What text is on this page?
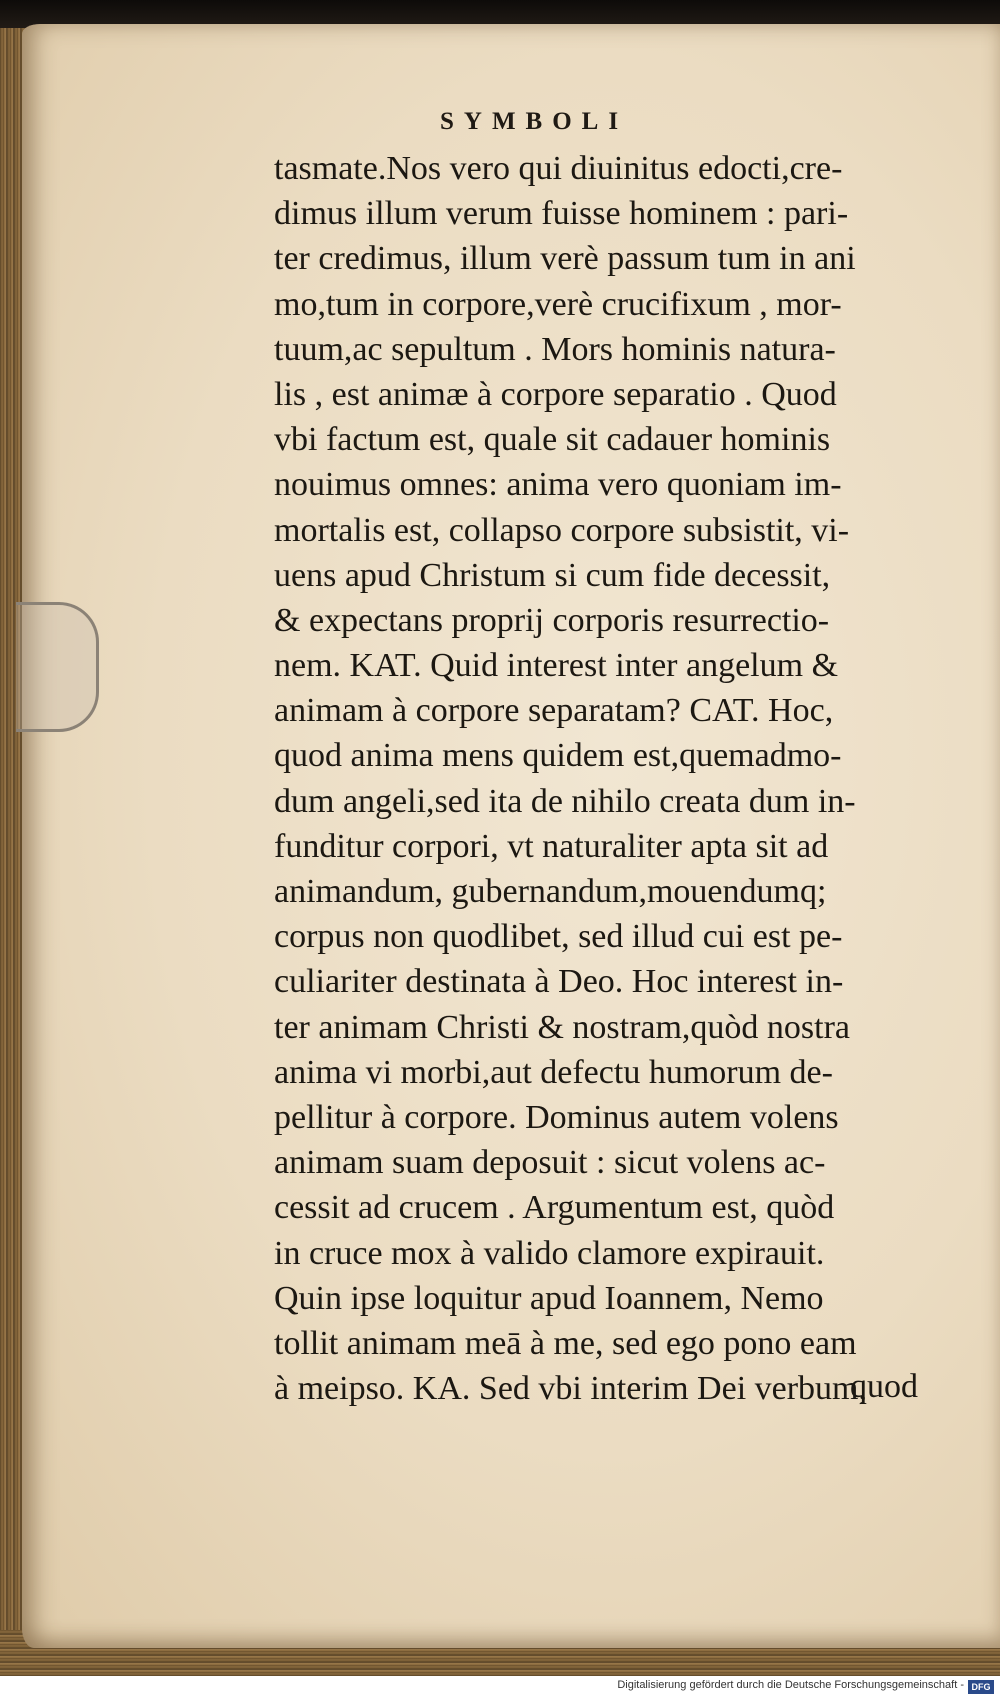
SYMBOLI
tasmate.Nos vero qui diuinitus edocti,cre-
dimus illum verum fuisse hominem : pari-
ter credimus, illum verè passum tum in ani
mo,tum in corpore,verè crucifixum , mor-
tuum,ac sepultum . Mors hominis natura-
lis , est animæ à corpore separatio . Quod
vbi factum est, quale sit cadauer hominis
nouimus omnes: anima vero quoniam im-
mortalis est, collapso corpore subsistit, vi-
uens apud Christum si cum fide decessit,
& expectans proprij corporis resurrectio-
nem. KAT. Quid interest inter angelum &
animam à corpore separatam? CAT. Hoc,
quod anima mens quidem est,quemadmo-
dum angeli,sed ita de nihilo creata dum in-
funditur corpori, vt naturaliter apta sit ad
animandum, gubernandum,mouendumq;
corpus non quodlibet, sed illud cui est pe-
culiariter destinata à Deo. Hoc interest in-
ter animam Christi & nostram,quòd nostra
anima vi morbi,aut defectu humorum de-
pellitur à corpore. Dominus autem volens
animam suam deposuit : sicut volens ac-
cessit ad crucem . Argumentum est, quòd
in cruce mox à valido clamore expirauit.
Quin ipse loquitur apud Ioannem, Nemo
tollit animam meā à me, sed ego pono eam
à meipso. KA. Sed vbi interim Dei verbum,
quod
Digitalisierung gefördert durch die Deutsche Forschungsgemeinschaft - DFG
